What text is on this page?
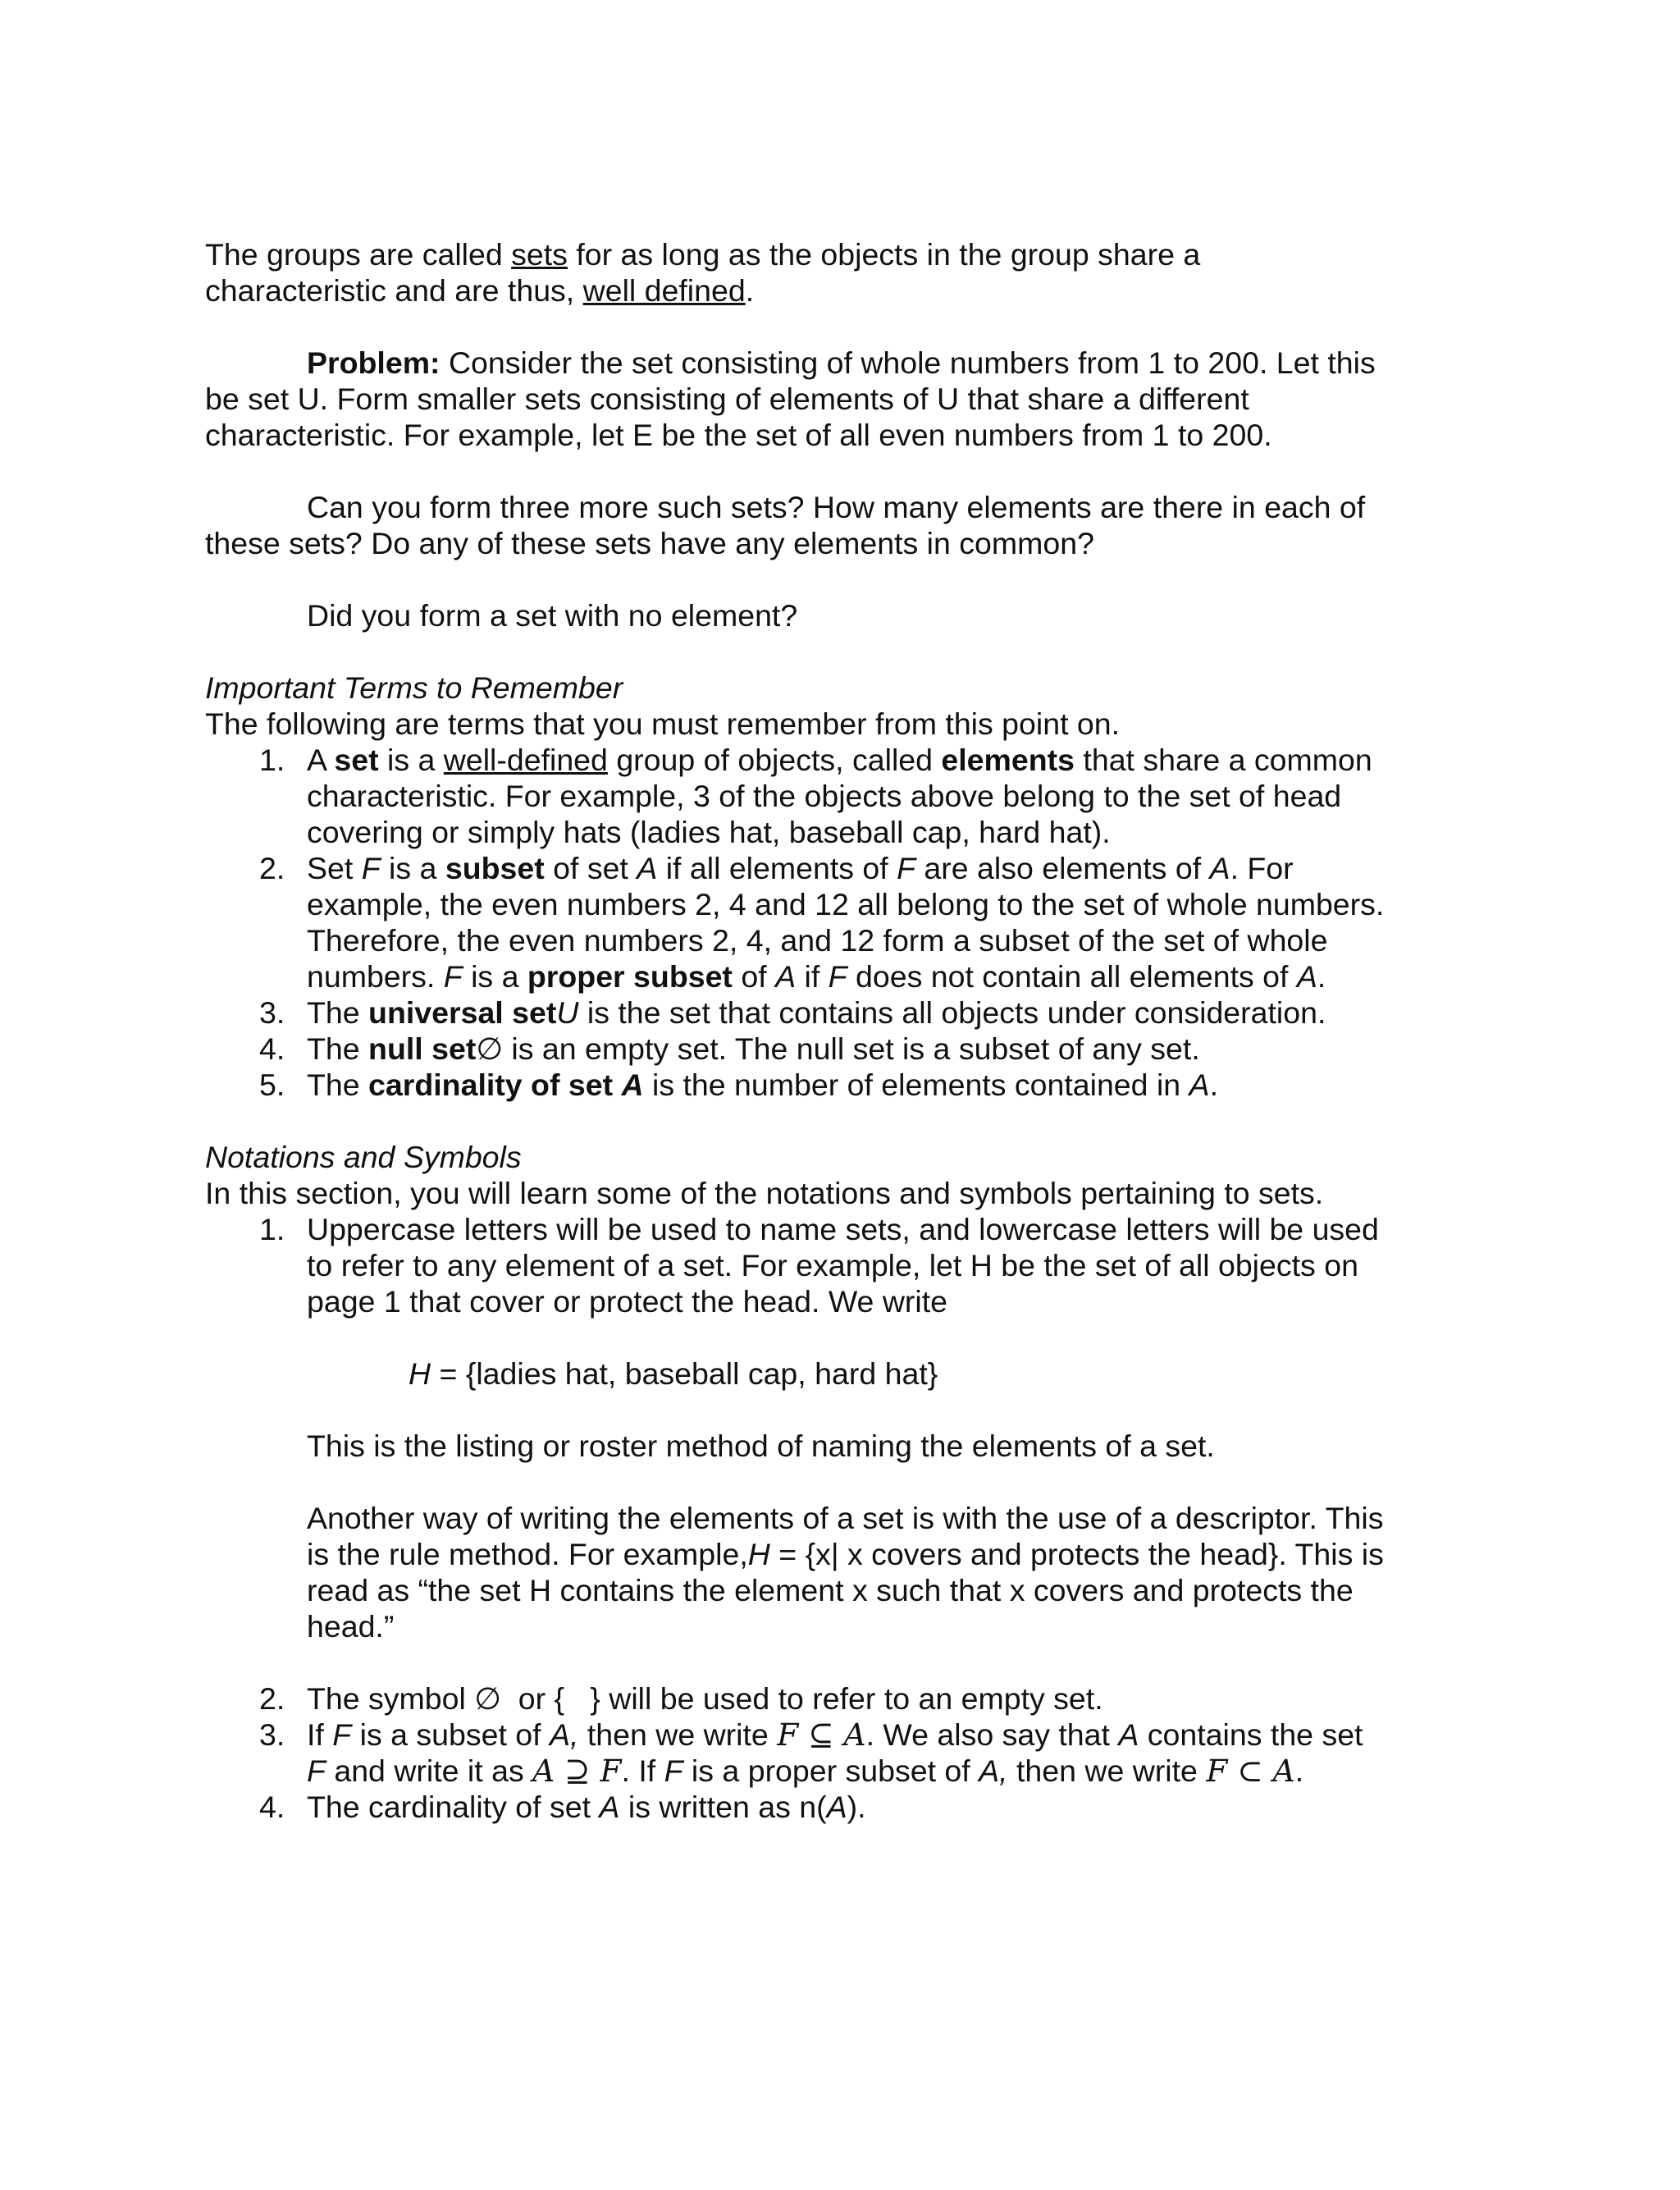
The groups are called sets for as long as the objects in the group share a characteristic and are thus, well defined.

Problem: Consider the set consisting of whole numbers from 1 to 200. Let this be set U. Form smaller sets consisting of elements of U that share a different characteristic. For example, let E be the set of all even numbers from 1 to 200.

Can you form three more such sets? How many elements are there in each of these sets? Do any of these sets have any elements in common?

Did you form a set with no element?

Important Terms to Remember

The following are terms that you must remember from this point on.

1. A set is a well-defined group of objects, called elements that share a common characteristic. For example, 3 of the objects above belong to the set of head covering or simply hats (ladies hat, baseball cap, hard hat).
2. Set F is a subset of set A if all elements of F are also elements of A. For example, the even numbers 2, 4 and 12 all belong to the set of whole numbers. Therefore, the even numbers 2, 4, and 12 form a subset of the set of whole numbers. F is a proper subset of A if F does not contain all elements of A.
3. The universal setU is the set that contains all objects under consideration.
4. The null set∅ is an empty set. The null set is a subset of any set.
5. The cardinality of set A is the number of elements contained in A.

Notations and Symbols

In this section, you will learn some of the notations and symbols pertaining to sets.

1. Uppercase letters will be used to name sets, and lowercase letters will be used to refer to any element of a set. For example, let H be the set of all objects on page 1 that cover or protect the head. We write

H = {ladies hat, baseball cap, hard hat}

This is the listing or roster method of naming the elements of a set.

Another way of writing the elements of a set is with the use of a descriptor. This is the rule method. For example,H = {x| x covers and protects the head}. This is read as “the set H contains the element x such that x covers and protects the head.”

2. The symbol ∅  or {   } will be used to refer to an empty set.
3. If F is a subset of A, then we write F ⊆ A. We also say that A contains the set F and write it as A ⊇ F. If F is a proper subset of A, then we write F ⊂ A.
4. The cardinality of set A is written as n(A).
